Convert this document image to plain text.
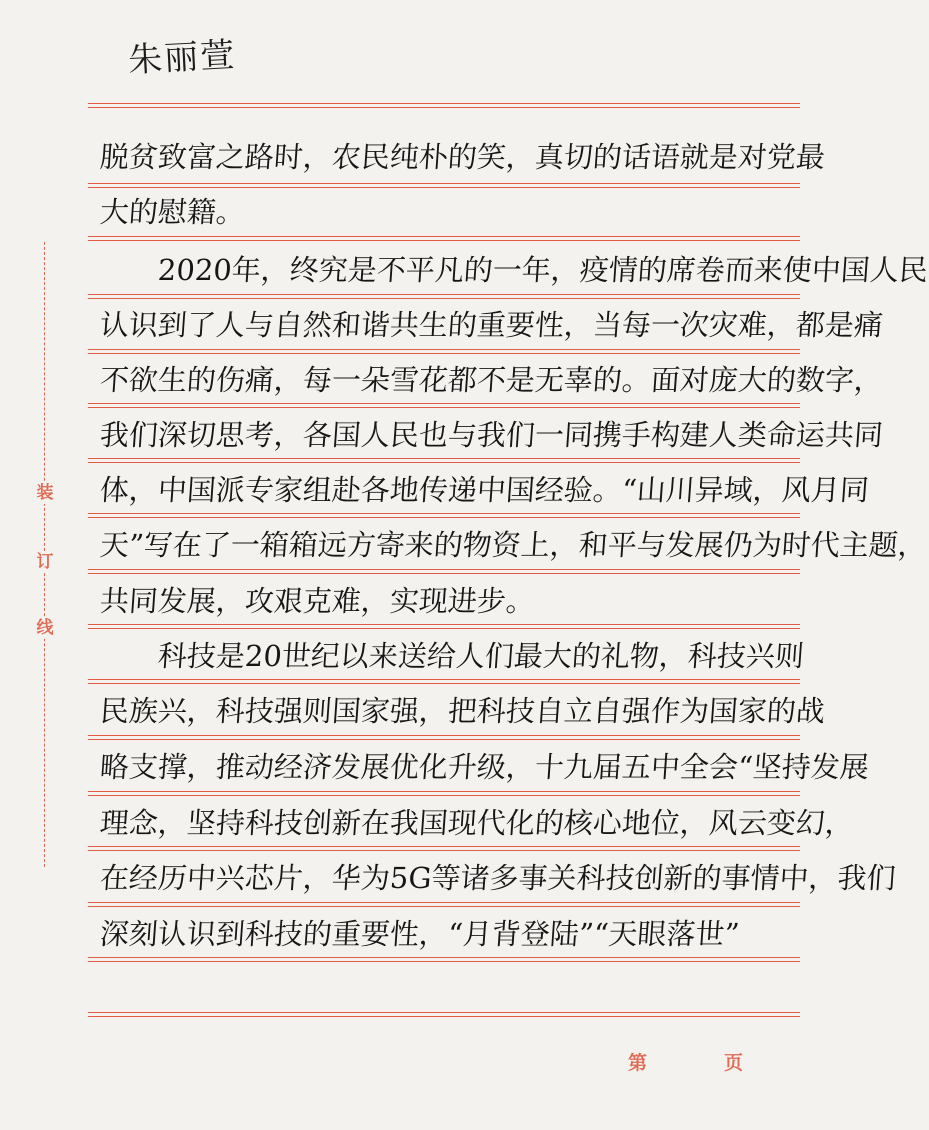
朱丽萱
装
订
线
脱贫致富之路时，农民纯朴的笑，真切的话语就是对党最
大的慰籍。
　　2020年，终究是不平凡的一年，疫情的席卷而来使中国人民
认识到了人与自然和谐共生的重要性，当每一次灾难，都是痛
不欲生的伤痛，每一朵雪花都不是无辜的。面对庞大的数字，
我们深切思考，各国人民也与我们一同携手构建人类命运共同
体，中国派专家组赴各地传递中国经验。“山川异域，风月同
天”写在了一箱箱远方寄来的物资上，和平与发展仍为时代主题，
共同发展，攻艰克难，实现进步。
　　科技是20世纪以来送给人们最大的礼物，科技兴则
民族兴，科技强则国家强，把科技自立自强作为国家的战
略支撑，推动经济发展优化升级，十九届五中全会“坚持发展
理念，坚持科技创新在我国现代化的核心地位，风云变幻，
在经历中兴芯片，华为5G等诸多事关科技创新的事情中，我们
深刻认识到科技的重要性，“月背登陆”“天眼落世”
第	页
